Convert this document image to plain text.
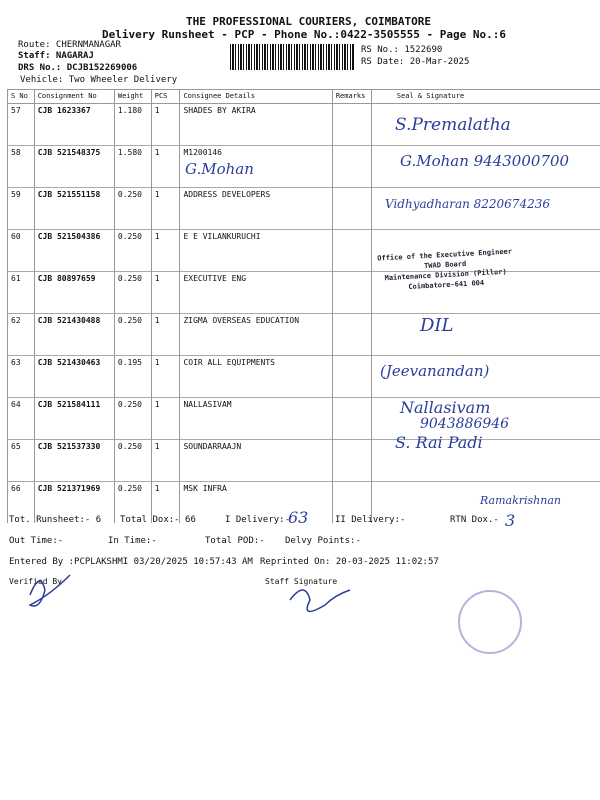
THE PROFESSIONAL COURIERS, COIMBATORE
Delivery Runsheet - PCP - Phone No.:0422-3505555 - Page No.:6
Route: CHERNMANAGAR
Staff: NAGARAJ
DRS No.: DCJB152269006
Vehicle: Two Wheeler Delivery
RS No.: 1522690
RS Date: 20-Mar-2025
S No	Consignment No	Weight	PCS	Consignee Details	Remarks	Seal & Signature
57	CJB 1623367	1.180	1	SHADES BY AKIRA		
58	CJB 521548375	1.580	1	M1200146		
59	CJB 521551158	0.250	1	ADDRESS DEVELOPERS		
60	CJB 521504386	0.250	1	E E VILANKURUCHI		
61	CJB 80897659	0.250	1	EXECUTIVE ENG		
62	CJB 521430488	0.250	1	ZIGMA OVERSEAS EDUCATION		
63	CJB 521430463	0.195	1	COIR ALL EQUIPMENTS		
64	CJB 521584111	0.250	1	NALLASIVAM		
65	CJB 521537330	0.250	1	SOUNDARRAAJN		
66	CJB 521371969	0.250	1	MSK INFRA		
S.Premalatha
G.Mohan	G.Mohan 9443000700
Vidhyadharan 8220674236
Office of the Executive Engineer
TWAD Board
Maintenance Division (Pillur)
Coimbatore-641 004
DIL
(Jeevanandan)
Nallasivam
9043886946
S. Rai Padi
Ramakrishnan
Tot. Runsheet:- 6 Total Dox:- 66	I Delivery:-
63	II Delivery:-	RTN Dox.- 3
Out Time:-	In Time:-	Total POD:- Delvy Points:-
Entered By :PCPLAKSHMI 03/20/2025 10:57:43 AM Reprinted On: 20-03-2025 11:02:57
Verified By	Staff Signature
